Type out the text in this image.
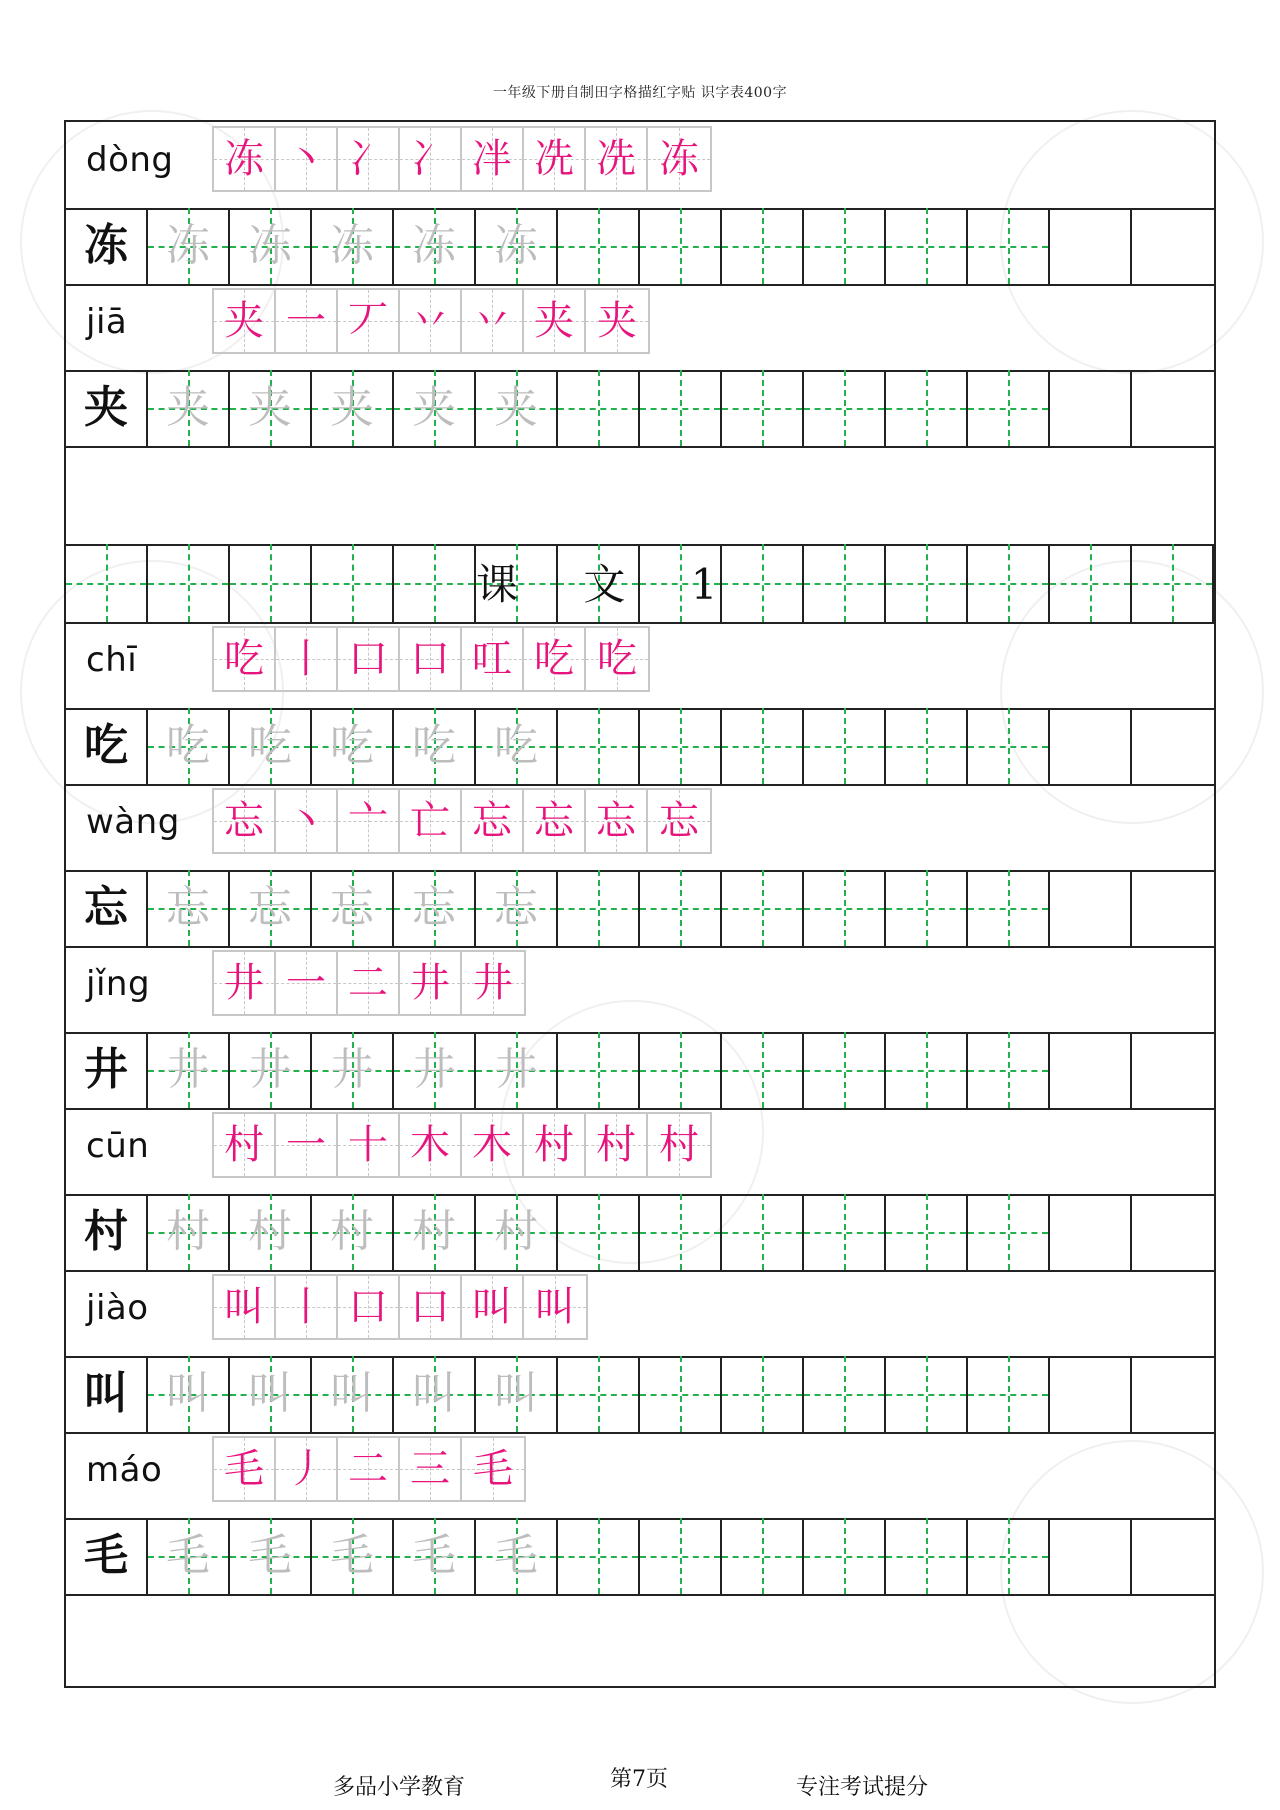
一年级下册自制田字格描红字贴 识字表400字
dòng 冻 丶 冫 冫 冸 冼 冼 冻
冻 冻 冻 冻 冻 冻
jiā 夹 一 丆 丷 丷 夹 夹
夹 夹 夹 夹 夹 夹
课 文 1
chī 吃 丨 口 口 叿 吃 吃
吃 吃 吃 吃 吃 吃
wàng 忘 丶 亠 亡 忘 忘 忘 忘
忘 忘 忘 忘 忘 忘
jǐng 井 一 二 井 井
井 井 井 井 井 井
cūn 村 一 十 木 木 村 村 村
村 村 村 村 村 村
jiào 叫 丨 口 口 叫 叫
叫 叫 叫 叫 叫 叫
máo 毛 丿 二 三 毛
毛 毛 毛 毛 毛 毛
多品小学教育	第7页	专注考试提分
